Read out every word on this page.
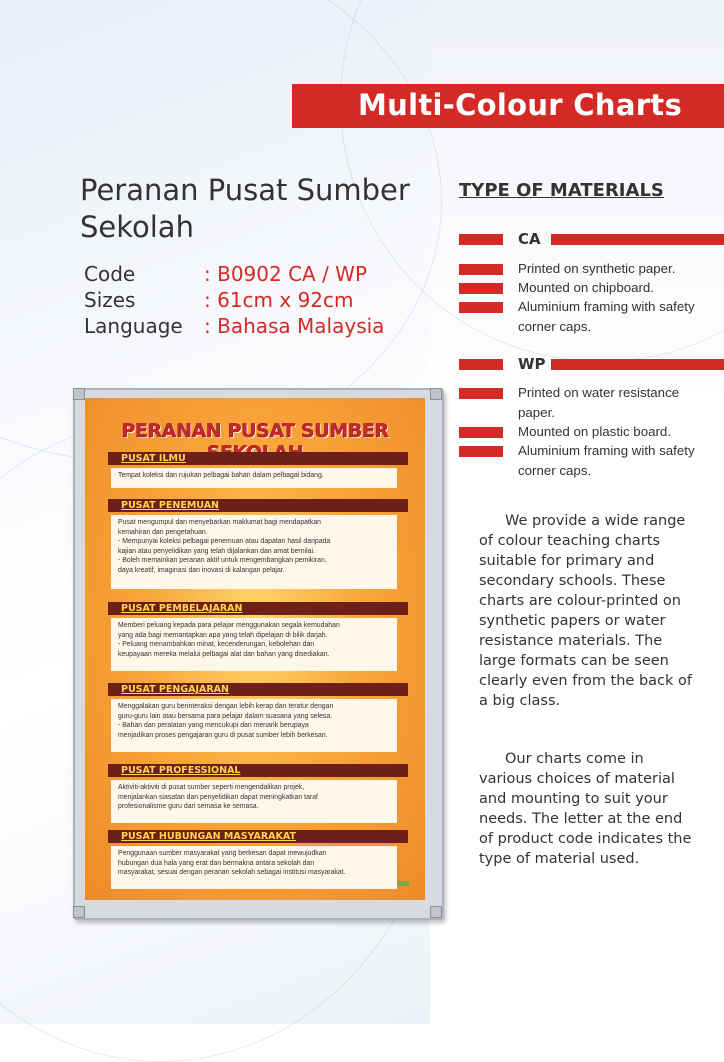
Multi-Colour Charts
Peranan Pusat Sumber Sekolah
Code	: B0902 CA / WP
Sizes	: 61cm x 92cm
Language	: Bahasa Malaysia
TYPE OF MATERIALS
CA
Printed on synthetic paper.
Mounted on chipboard.
Aluminium framing with safety corner caps.
WP
Printed on water resistance paper.
Mounted on plastic board.
Aluminium framing with safety corner caps.
We provide a wide range of colour teaching charts suitable for primary and secondary schools. These charts are colour-printed on synthetic papers or water resistance materials. The large formats can be seen clearly even from the back of a big class.
Our charts come in various choices of material and mounting to suit your needs. The letter at the end of product code indicates the type of material used.
PERANAN PUSAT SUMBER
PUSAT ILMU
Tempat koleksi dan rujukan pelbagai bahan dalam pelbagai bidang.
PUSAT PENEMUAN
Pusat mengumpul dan menyebarkan maklumat bagi mendapatkan
kemahiran dan pengetahuan.
- Mempunyai koleksi pelbagai penemuan atau dapatan hasil daripada
kajian atau penyelidikan yang telah dijalankan dan amat bernilai.
- Boleh memainkan peranan aktif untuk mengembangkan pemikiran,
daya kreatif, imaginasi dan inovasi di kalangan pelajar.
PUSAT PEMBELAJARAN
Memberi peluang kepada para pelajar menggunakan segala kemudahan
yang ada bagi memantapkan apa yang telah dipelajari di bilik darjah.
- Peluang menambahkan minat, kecenderungan, kebolehan dan
keupayaan mereka melalui pelbagai alat dan bahan yang disediakan.
PUSAT PENGAJARAN
Menggalakan guru berinteraksi dengan lebih kerap dan teratur dengan
guru-guru lain atau bersama para pelajar dalam suasana yang selesa.
- Bahan dan peralatan yang mencukupi dan menarik berupaya
menjadikan proses pengajaran guru di pusat sumber lebih berkesan.
PUSAT PROFESSIONAL
Aktiviti-aktiviti di pusat sumber seperti mengendalikan projek,
menjalankan siasatan dan penyelidikan dapat meningkatkan taraf
profesionalisme guru dari semasa ke semasa.
PUSAT HUBUNGAN MASYARAKAT
Penggunaan sumber masyarakat yang berkesan dapat mewujudkan
hubungan dua hala yang erat dan bermakna antara sekolah dan
masyarakat, sesuai dengan peranan sekolah sebagai institusi masyarakat.
